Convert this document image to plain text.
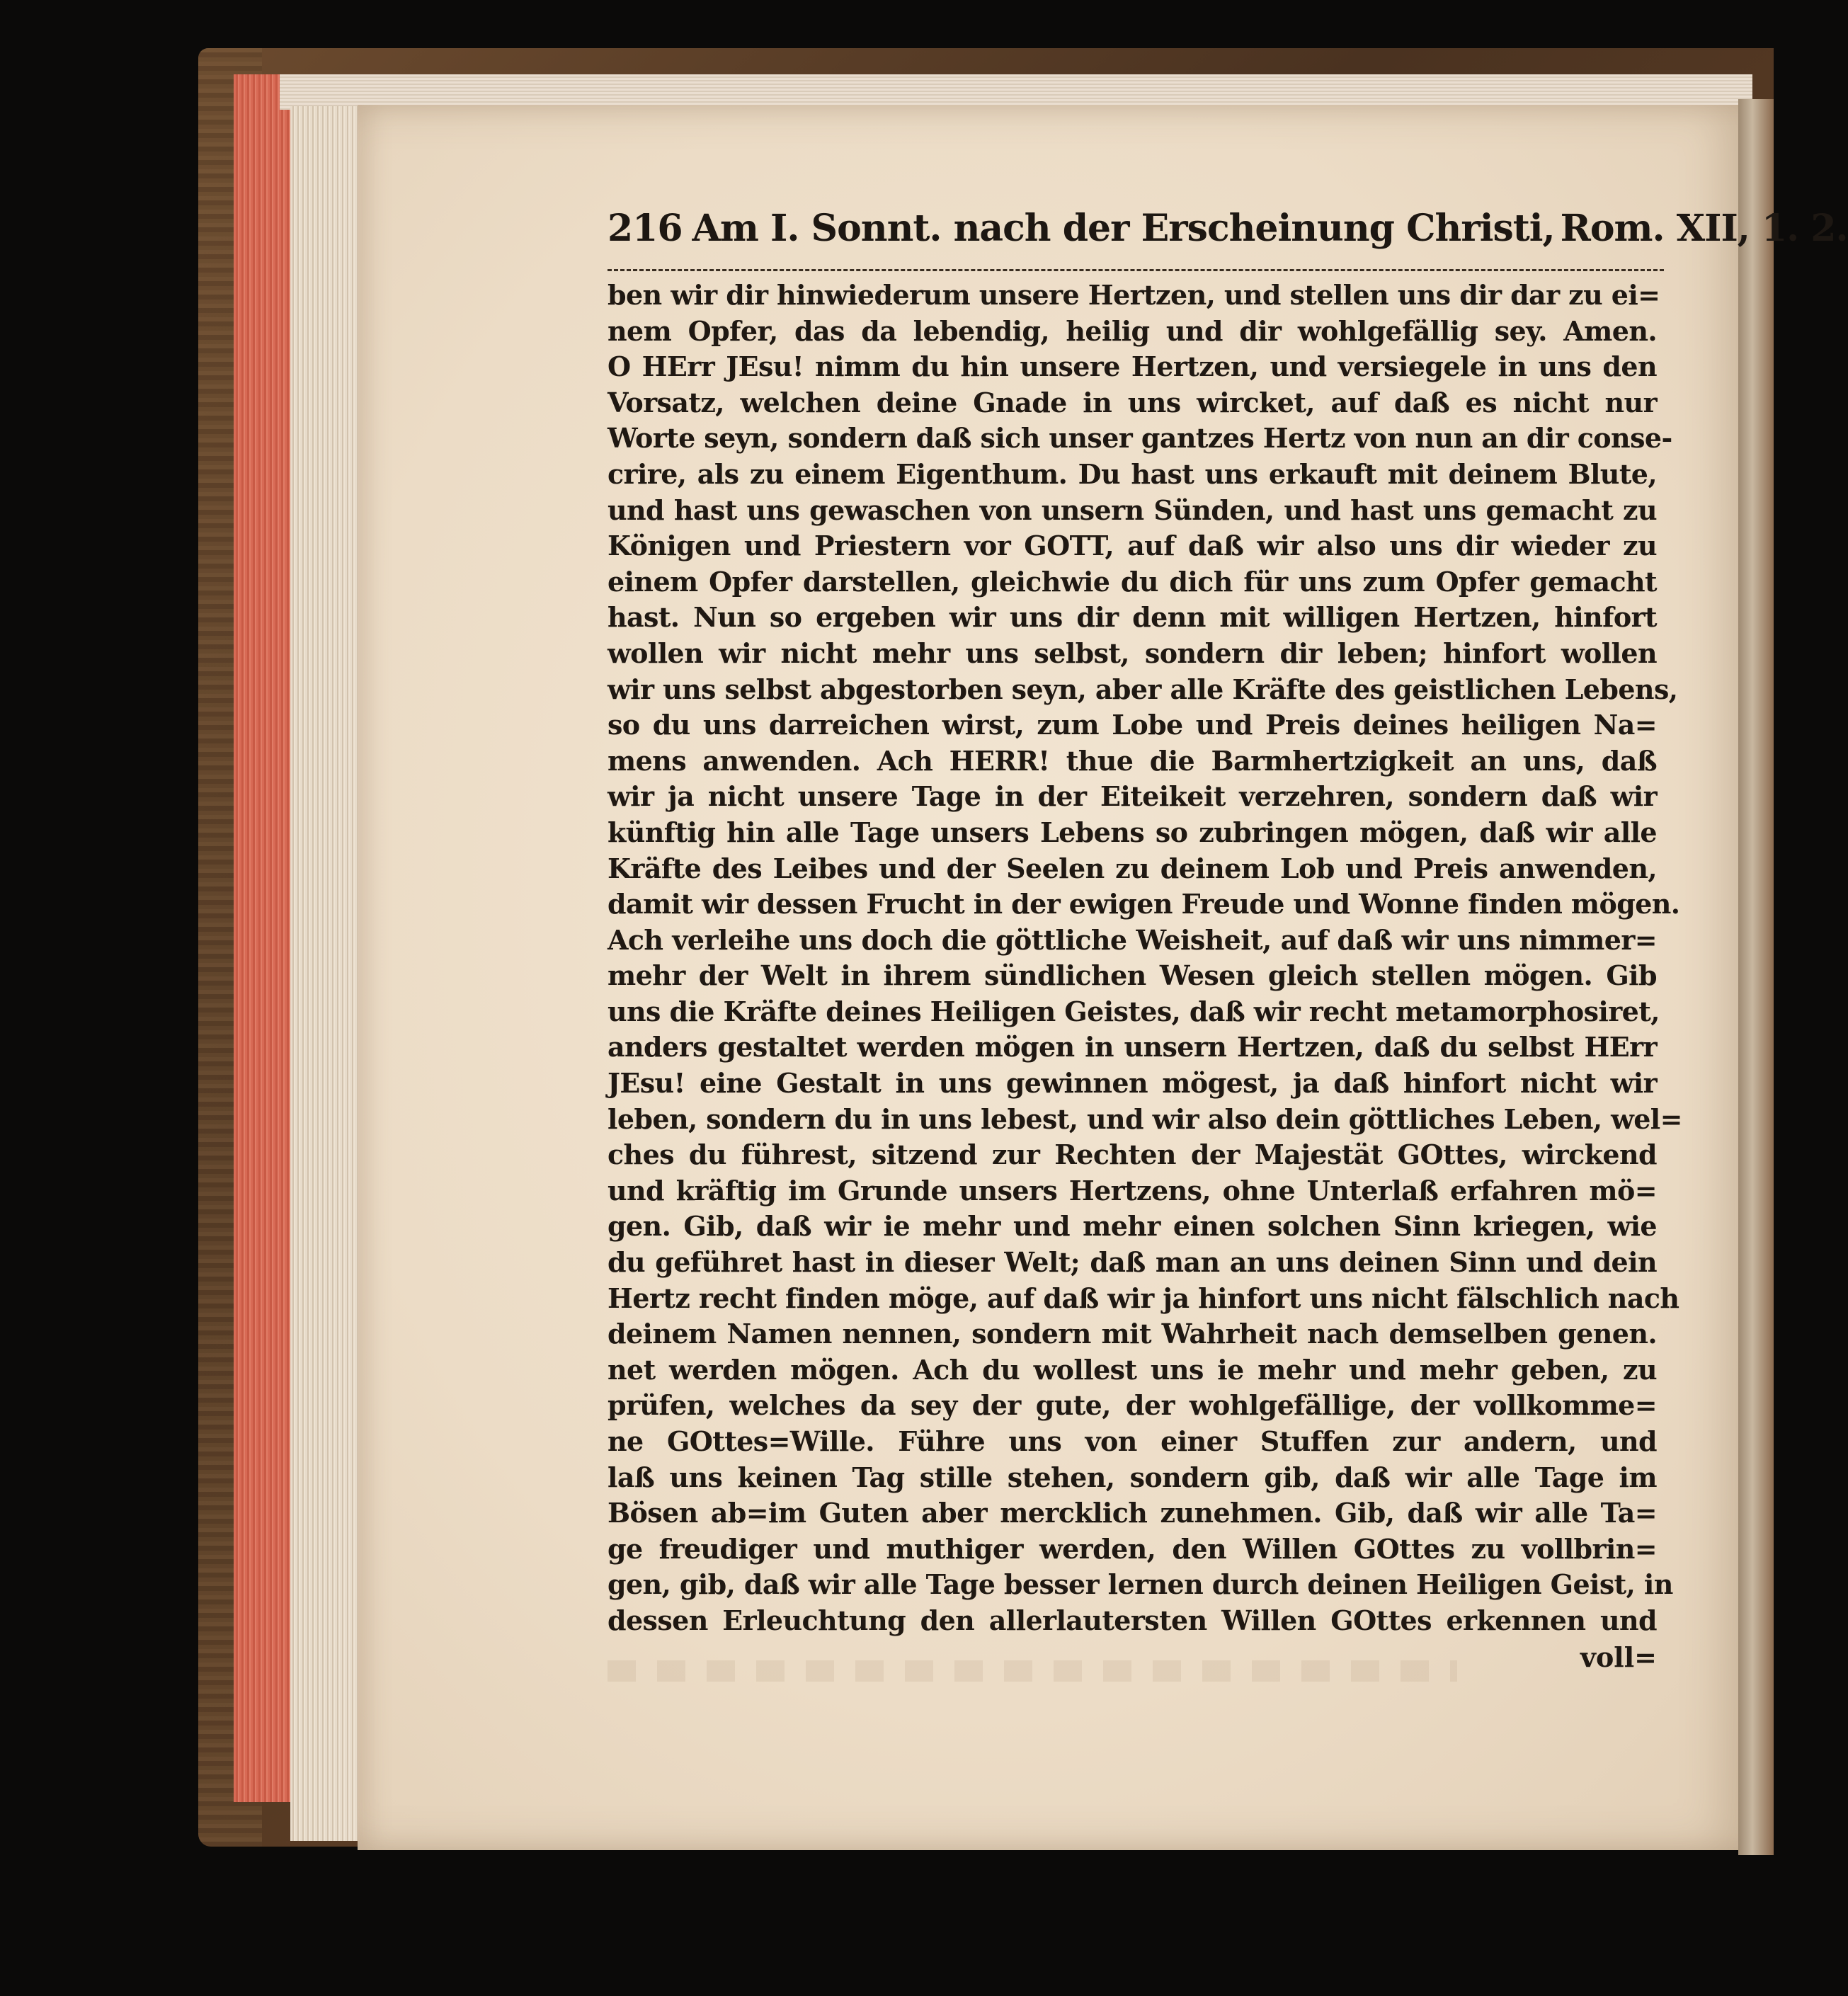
216 Am I. Sonnt. nach der Erscheinung Christi, Rom. XII, 1. 2.
ben wir dir hinwiederum unsere Hertzen, und stellen uns dir dar zu ei=
nem Opfer, das da lebendig, heilig und dir wohlgefällig sey. Amen.
O HErr JEsu! nimm du hin unsere Hertzen, und versiegele in uns den
Vorsatz, welchen deine Gnade in uns wircket, auf daß es nicht nur
Worte seyn, sondern daß sich unser gantzes Hertz von nun an dir conse-
crire, als zu einem Eigenthum. Du hast uns erkauft mit deinem Blute,
und hast uns gewaschen von unsern Sünden, und hast uns gemacht zu
Königen und Priestern vor GOTT, auf daß wir also uns dir wieder zu
einem Opfer darstellen, gleichwie du dich für uns zum Opfer gemacht
hast. Nun so ergeben wir uns dir denn mit willigen Hertzen, hinfort
wollen wir nicht mehr uns selbst, sondern dir leben; hinfort wollen
wir uns selbst abgestorben seyn, aber alle Kräfte des geistlichen Lebens,
so du uns darreichen wirst, zum Lobe und Preis deines heiligen Na=
mens anwenden. Ach HERR! thue die Barmhertzigkeit an uns, daß
wir ja nicht unsere Tage in der Eiteikeit verzehren, sondern daß wir
künftig hin alle Tage unsers Lebens so zubringen mögen, daß wir alle
Kräfte des Leibes und der Seelen zu deinem Lob und Preis anwenden,
damit wir dessen Frucht in der ewigen Freude und Wonne finden mögen.
Ach verleihe uns doch die göttliche Weisheit, auf daß wir uns nimmer=
mehr der Welt in ihrem sündlichen Wesen gleich stellen mögen. Gib
uns die Kräfte deines Heiligen Geistes, daß wir recht metamorphosiret,
anders gestaltet werden mögen in unsern Hertzen, daß du selbst HErr
JEsu! eine Gestalt in uns gewinnen mögest, ja daß hinfort nicht wir
leben, sondern du in uns lebest, und wir also dein göttliches Leben, wel=
ches du führest, sitzend zur Rechten der Majestät GOttes, wirckend
und kräftig im Grunde unsers Hertzens, ohne Unterlaß erfahren mö=
gen. Gib, daß wir ie mehr und mehr einen solchen Sinn kriegen, wie
du geführet hast in dieser Welt; daß man an uns deinen Sinn und dein
Hertz recht finden möge, auf daß wir ja hinfort uns nicht fälschlich nach
deinem Namen nennen, sondern mit Wahrheit nach demselben genen.
net werden mögen. Ach du wollest uns ie mehr und mehr geben, zu
prüfen, welches da sey der gute, der wohlgefällige, der vollkomme=
ne GOttes=Wille. Führe uns von einer Stuffen zur andern, und
laß uns keinen Tag stille stehen, sondern gib, daß wir alle Tage im
Bösen ab=im Guten aber mercklich zunehmen. Gib, daß wir alle Ta=
ge freudiger und muthiger werden, den Willen GOttes zu vollbrin=
gen, gib, daß wir alle Tage besser lernen durch deinen Heiligen Geist, in
dessen Erleuchtung den allerlautersten Willen GOttes erkennen und
voll=
